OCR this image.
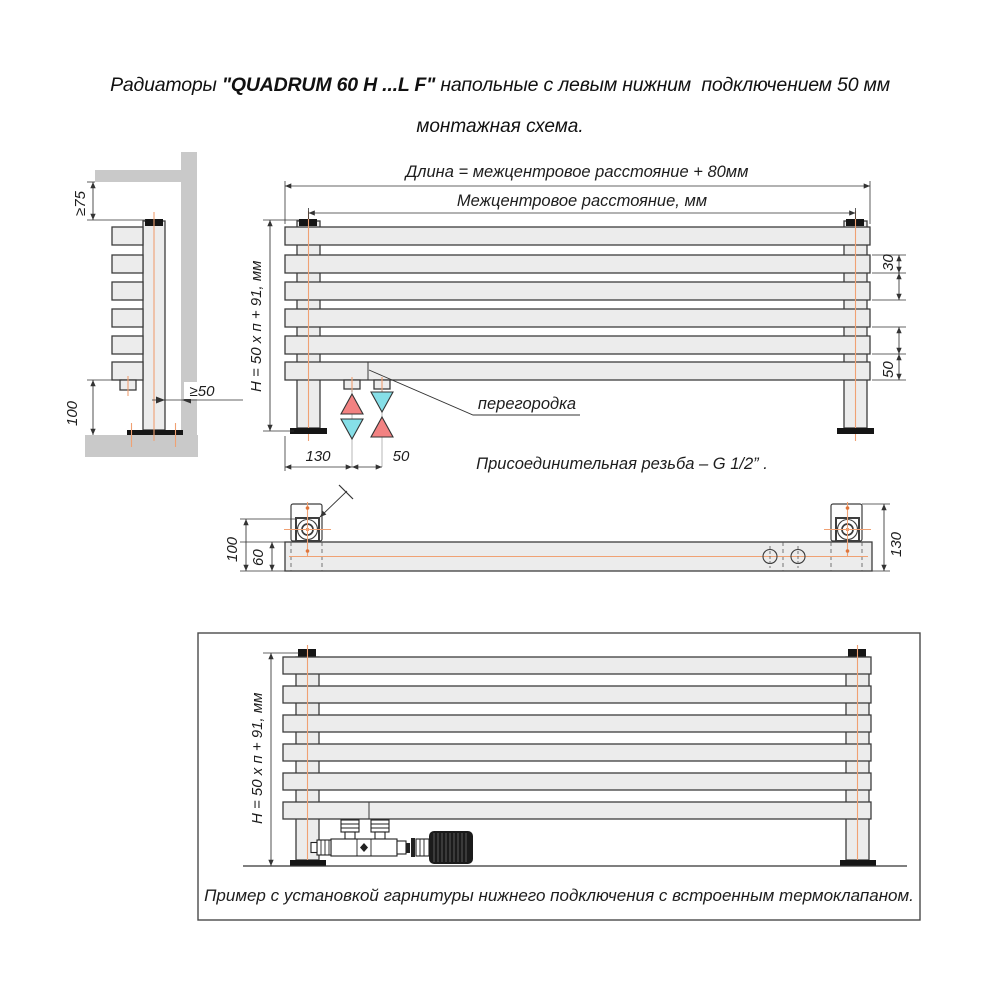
Радиаторы "QUADRUM 60 H ...L F" напольные с левым нижним  подключением 50 мм
монтажная схема.
≥75
100
≥50
перегородка
Длина = межцентровое расстояние + 80мм
Межцентровое расстояние, мм
H = 50 x п + 91, мм	30
50
130	50	Присоединительная резьба – G 1/2” .
100 60
130
H = 50 x п + 91, мм
Пример с установкой гарнитуры нижнего подключения с встроенным термоклапаном.
